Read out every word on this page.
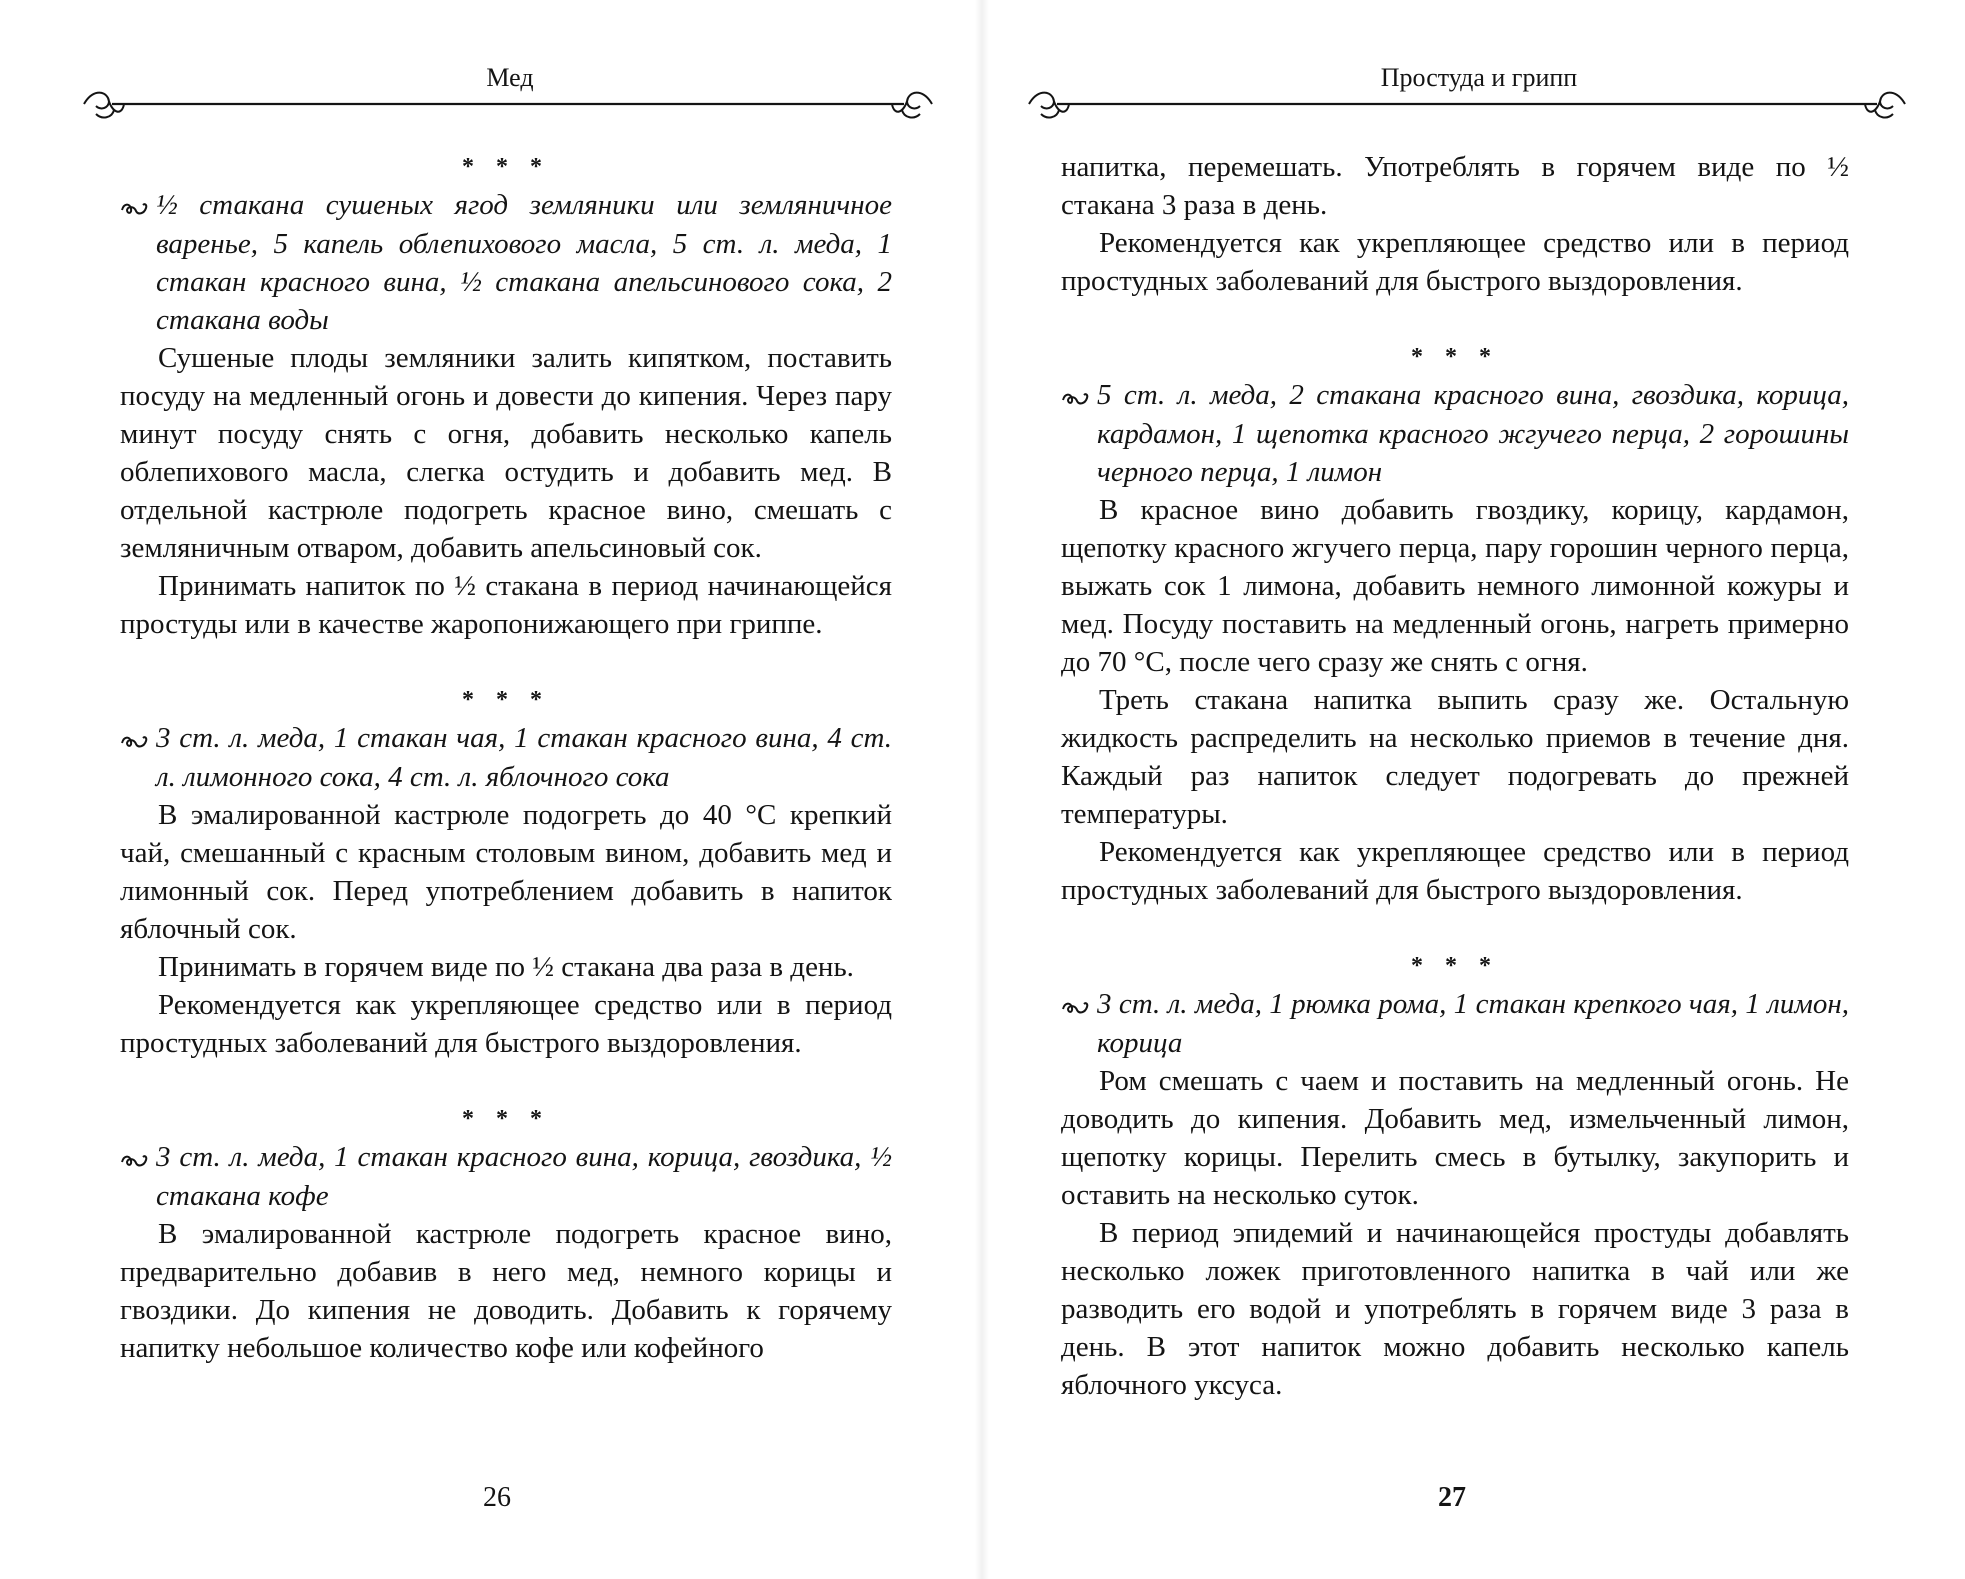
Мед
* * *

½ стакана сушеных ягод земляники или земляничное варенье, 5 капель облепихового масла, 5 ст. л. меда, 1 стакан красного вина, ½ стакана апельсинового сока, 2 стакана воды

Сушеные плоды земляники залить кипятком, поставить посуду на медленный огонь и довести до кипения. Через пару минут посуду снять с огня, добавить несколько капель облепихового масла, слегка остудить и добавить мед. В отдельной кастрюле подогреть красное вино, смешать с земляничным отваром, добавить апельсиновый сок.

Принимать напиток по ½ стакана в период начинающейся простуды или в качестве жаропонижающего при гриппе.

* * *

3 ст. л. меда, 1 стакан чая, 1 стакан красного вина, 4 ст. л. лимонного сока, 4 ст. л. яблочного сока

В эмалированной кастрюле подогреть до 40 °С крепкий чай, смешанный с красным столовым вином, добавить мед и лимонный сок. Перед употреблением добавить в напиток яблочный сок.

Принимать в горячем виде по ½ стакана два раза в день.

Рекомендуется как укрепляющее средство или в период простудных заболеваний для быстрого выздоровления.

* * *

3 ст. л. меда, 1 стакан красного вина, корица, гвоздика, ½ стакана кофе

В эмалированной кастрюле подогреть красное вино, предварительно добавив в него мед, немного корицы и гвоздики. До кипения не доводить. Добавить к горячему напитку небольшое количество кофе или кофейного

26
Простуда и грипп

напитка, перемешать. Употреблять в горячем виде по ½ стакана 3 раза в день.

Рекомендуется как укрепляющее средство или в период простудных заболеваний для быстрого выздоровления.

* * *

5 ст. л. меда, 2 стакана красного вина, гвоздика, корица, кардамон, 1 щепотка красного жгучего перца, 2 горошины черного перца, 1 лимон

В красное вино добавить гвоздику, корицу, кардамон, щепотку красного жгучего перца, пару горошин черного перца, выжать сок 1 лимона, добавить немного лимонной кожуры и мед. Посуду поставить на медленный огонь, нагреть примерно до 70 °С, после чего сразу же снять с огня.

Треть стакана напитка выпить сразу же. Остальную жидкость распределить на несколько приемов в течение дня. Каждый раз напиток следует подогревать до прежней температуры.

Рекомендуется как укрепляющее средство или в период простудных заболеваний для быстрого выздоровления.

* * *

3 ст. л. меда, 1 рюмка рома, 1 стакан крепкого чая, 1 лимон, корица

Ром смешать с чаем и поставить на медленный огонь. Не доводить до кипения. Добавить мед, измельченный лимон, щепотку корицы. Перелить смесь в бутылку, закупорить и оставить на несколько суток.

В период эпидемий и начинающейся простуды добавлять несколько ложек приготовленного напитка в чай или же разводить его водой и употреблять в горячем виде 3 раза в день. В этот напиток можно добавить несколько капель яблочного уксуса.

27
